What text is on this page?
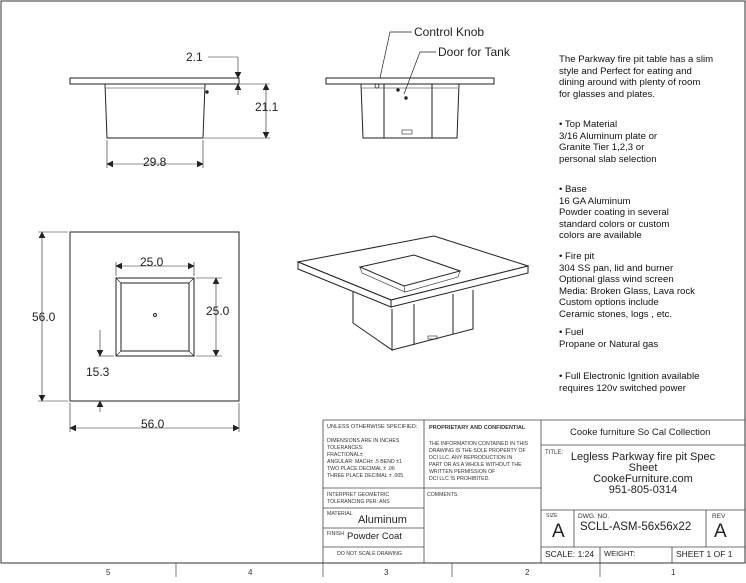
Control Knob
Door for Tank
2.1
21.1
29.8
25.0
25.0
56.0
56.0
15.3
The Parkway fire pit table has a slim
style and Perfect for eating and
dining around with plenty of room
for glasses and plates.
• Top Material
3/16 Aluminum plate or
Granite Tier 1,2,3 or
personal slab selection
• Base
16 GA Aluminum
Powder coating in several
standard colors or custom
colors are available
• Fire pit
304 SS pan, lid and burner
Optional glass wind screen
Media: Broken Glass, Lava rock
Custom options include
Ceramic stones, logs , etc.
• Fuel
Propane or Natural gas
• Full Electronic Ignition available
requires 120v switched power
UNLESS OTHERWISE SPECIFIED:
DIMENSIONS ARE IN INCHES
TOLERANCES:
FRACTIONAL±
ANGULAR: MACH± .5 BEND ±1
TWO PLACE DECIMAL ± .06
THREE PLACE DECIMAL ± .005
INTERPRET GEOMETRIC
TOLERANCING PER: ANS
MATERIAL Aluminum
FINISH Powder Coat
DO NOT SCALE DRAWING
PROPRIETARY AND CONFIDENTIAL
THE INFORMATION CONTAINED IN THIS
DRAWING IS THE SOLE PROPERTY OF
DCI LLC. ANY REPRODUCTION IN
PART OR AS A WHOLE WITHOUT THE
WRITTEN PERMISSION OF
DCI LLC IS PROHIBITED.
COMMENTS:
Cooke furniture So Cal Collection
TITLE: Legless Parkway fire pit Spec
Sheet
CookeFurniture.com
951-805-0314
SIZE
A
DWG. NO.
SCLL-ASM-56x56x22
REV
A
SCALE: 1:24 WEIGHT:	SHEET 1 OF 1
5	4	3	2	1
